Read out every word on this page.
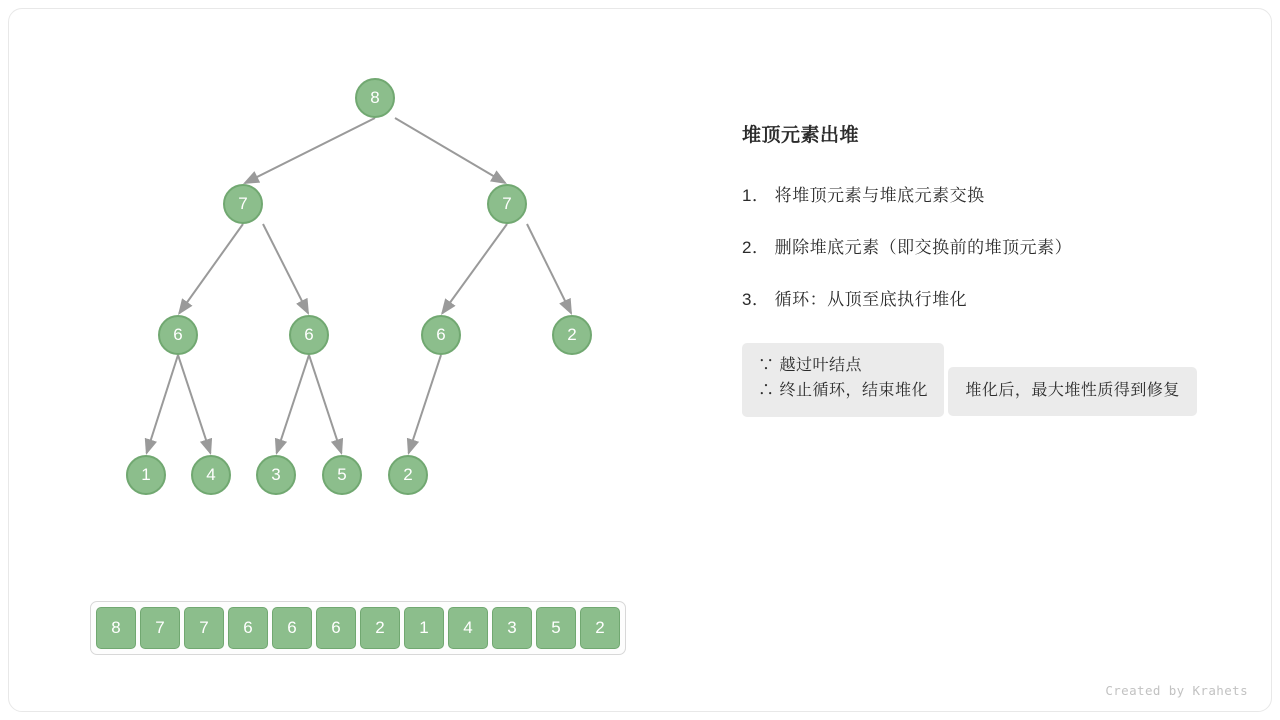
8
7	7
6	6	6	2
1	4	3	5	2
8	7	7	6	6	6	2	1	4	3	5	2
堆顶元素出堆
1． 将堆顶元素与堆底元素交换
2． 删除堆底元素（即交换前的堆顶元素）
3． 循环：从顶至底执行堆化
∵ 越过叶结点
∴ 终止循环，结束堆化
堆化后，最大堆性质得到修复
Created by Krahets
